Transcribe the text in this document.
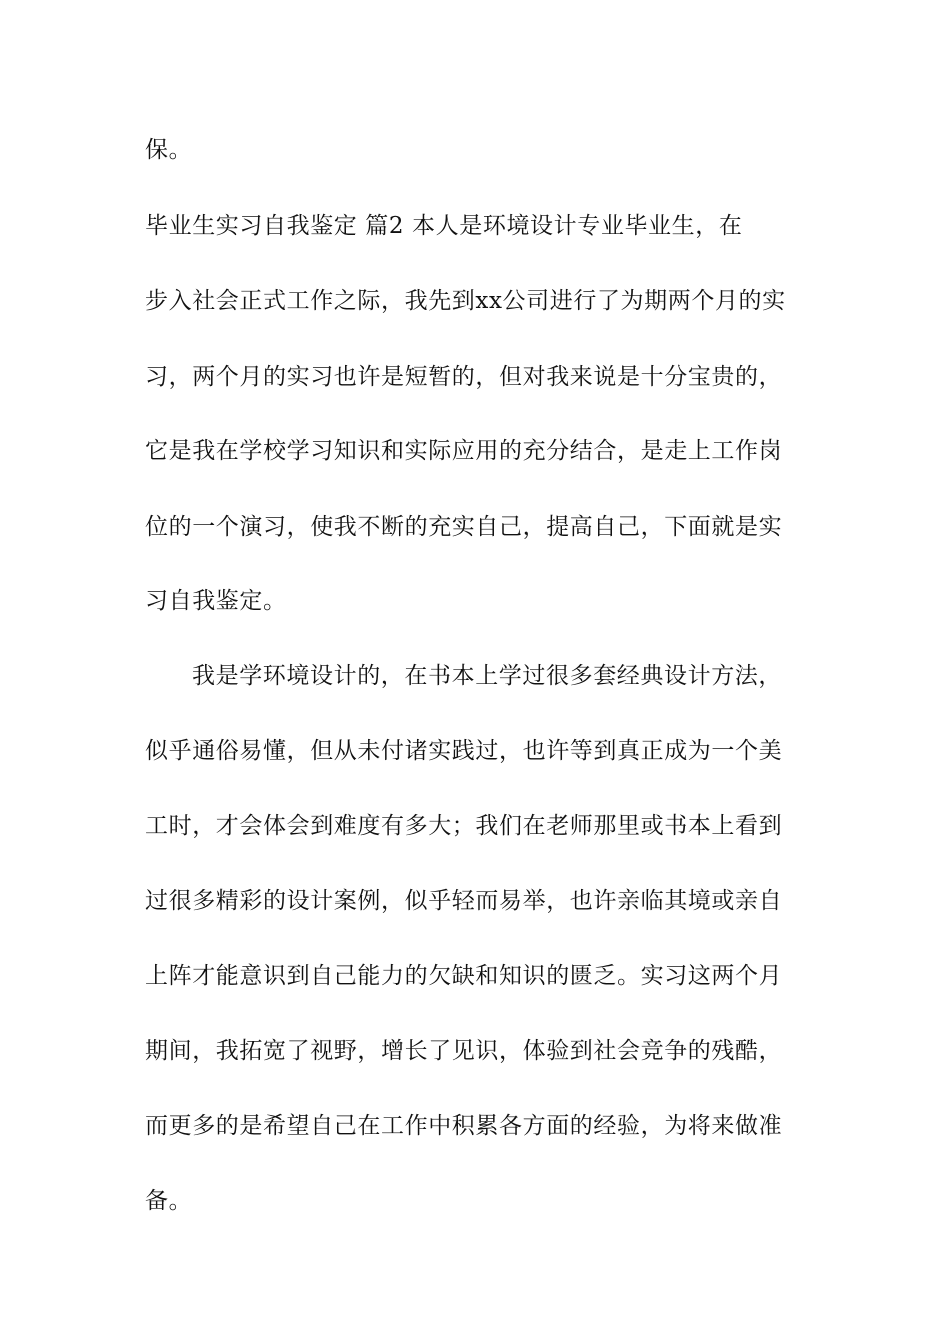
保。

毕业生实习自我鉴定 篇2 本人是环境设计专业毕业生，在

步入社会正式工作之际，我先到xx公司进行了为期两个月的实

习，两个月的实习也许是短暂的，但对我来说是十分宝贵的，

它是我在学校学习知识和实际应用的充分结合，是走上工作岗

位的一个演习，使我不断的充实自己，提高自己，下面就是实

习自我鉴定。

我是学环境设计的，在书本上学过很多套经典设计方法，

似乎通俗易懂，但从未付诸实践过，也许等到真正成为一个美

工时，才会体会到难度有多大；我们在老师那里或书本上看到

过很多精彩的设计案例，似乎轻而易举，也许亲临其境或亲自

上阵才能意识到自己能力的欠缺和知识的匮乏。实习这两个月

期间，我拓宽了视野，增长了见识，体验到社会竞争的残酷，

而更多的是希望自己在工作中积累各方面的经验，为将来做准

备。
